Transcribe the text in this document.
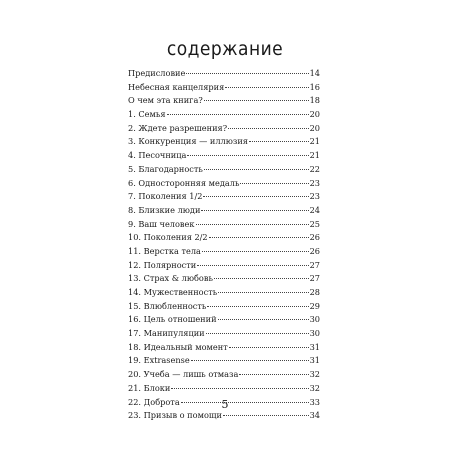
содержание
Предисловие	14
Небесная канцелярия	16
О чем эта книга?	18
1. Семья	20
2. Ждете разрешения?	20
3. Конкуренция — иллюзия	21
4. Песочница	21
5. Благодарность	22
6. Односторонняя медаль	23
7. Поколения 1/2	23
8. Близкие люди	24
9. Ваш человек	25
10. Поколения 2/2	26
11. Верстка тела	26
12. Полярности	27
13. Страх & любовь	27
14. Мужественность	28
15. Влюбленность	29
16. Цель отношений	30
17. Манипуляции	30
18. Идеальный момент	31
19. Extrasense	31
20. Учеба — лишь отмаза	32
21. Блоки	32
22. Доброта	33
23. Призыв о помощи	34
5
